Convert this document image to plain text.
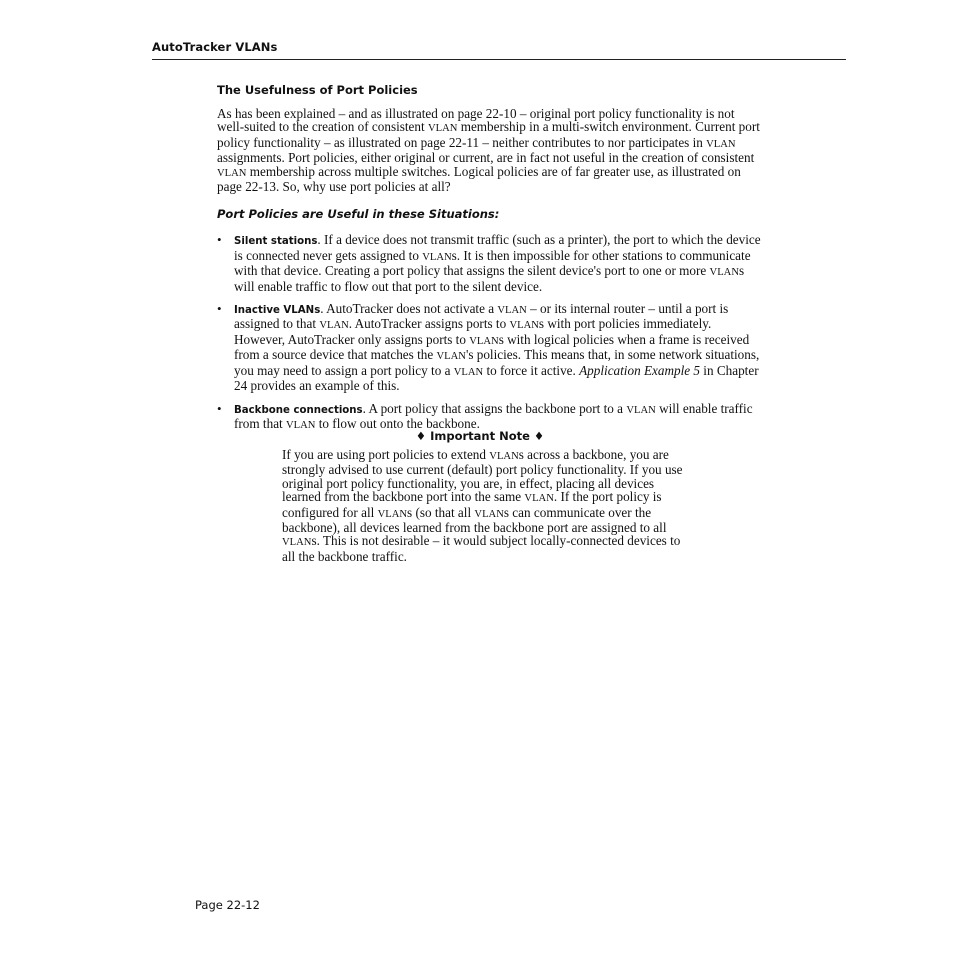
AutoTracker VLANs
The Usefulness of Port Policies

As has been explained – and as illustrated on page 22-10 – original port policy functionality is not well-suited to the creation of consistent VLAN membership in a multi-switch environment. Current port policy functionality – as illustrated on page 22-11 – neither contributes to nor participates in VLAN assignments. Port policies, either original or current, are in fact not useful in the creation of consistent VLAN membership across multiple switches. Logical policies are of far greater use, as illustrated on page 22-13. So, why use port policies at all?

Port Policies are Useful in these Situations:
• Silent stations. If a device does not transmit traffic (such as a printer), the port to which the device is connected never gets assigned to VLANs. It is then impossible for other stations to communicate with that device. Creating a port policy that assigns the silent device's port to one or more VLANs will enable traffic to flow out that port to the silent device.
• Inactive VLANs. AutoTracker does not activate a VLAN – or its internal router – until a port is assigned to that VLAN. AutoTracker assigns ports to VLANs with port policies immediately. However, AutoTracker only assigns ports to VLANs with logical policies when a frame is received from a source device that matches the VLAN's policies. This means that, in some network situations, you may need to assign a port policy to a VLAN to force it active. Application Example 5 in Chapter 24 provides an example of this.
• Backbone connections. A port policy that assigns the backbone port to a VLAN will enable traffic from that VLAN to flow out onto the backbone.
♦ Important Note ♦

If you are using port policies to extend VLANs across a backbone, you are strongly advised to use current (default) port policy functionality. If you use original port policy functionality, you are, in effect, placing all devices learned from the backbone port into the same VLAN. If the port policy is configured for all VLANs (so that all VLANs can communicate over the backbone), all devices learned from the backbone port are assigned to all VLANs. This is not desirable – it would subject locally-connected devices to all the backbone traffic.

Page 22-12
